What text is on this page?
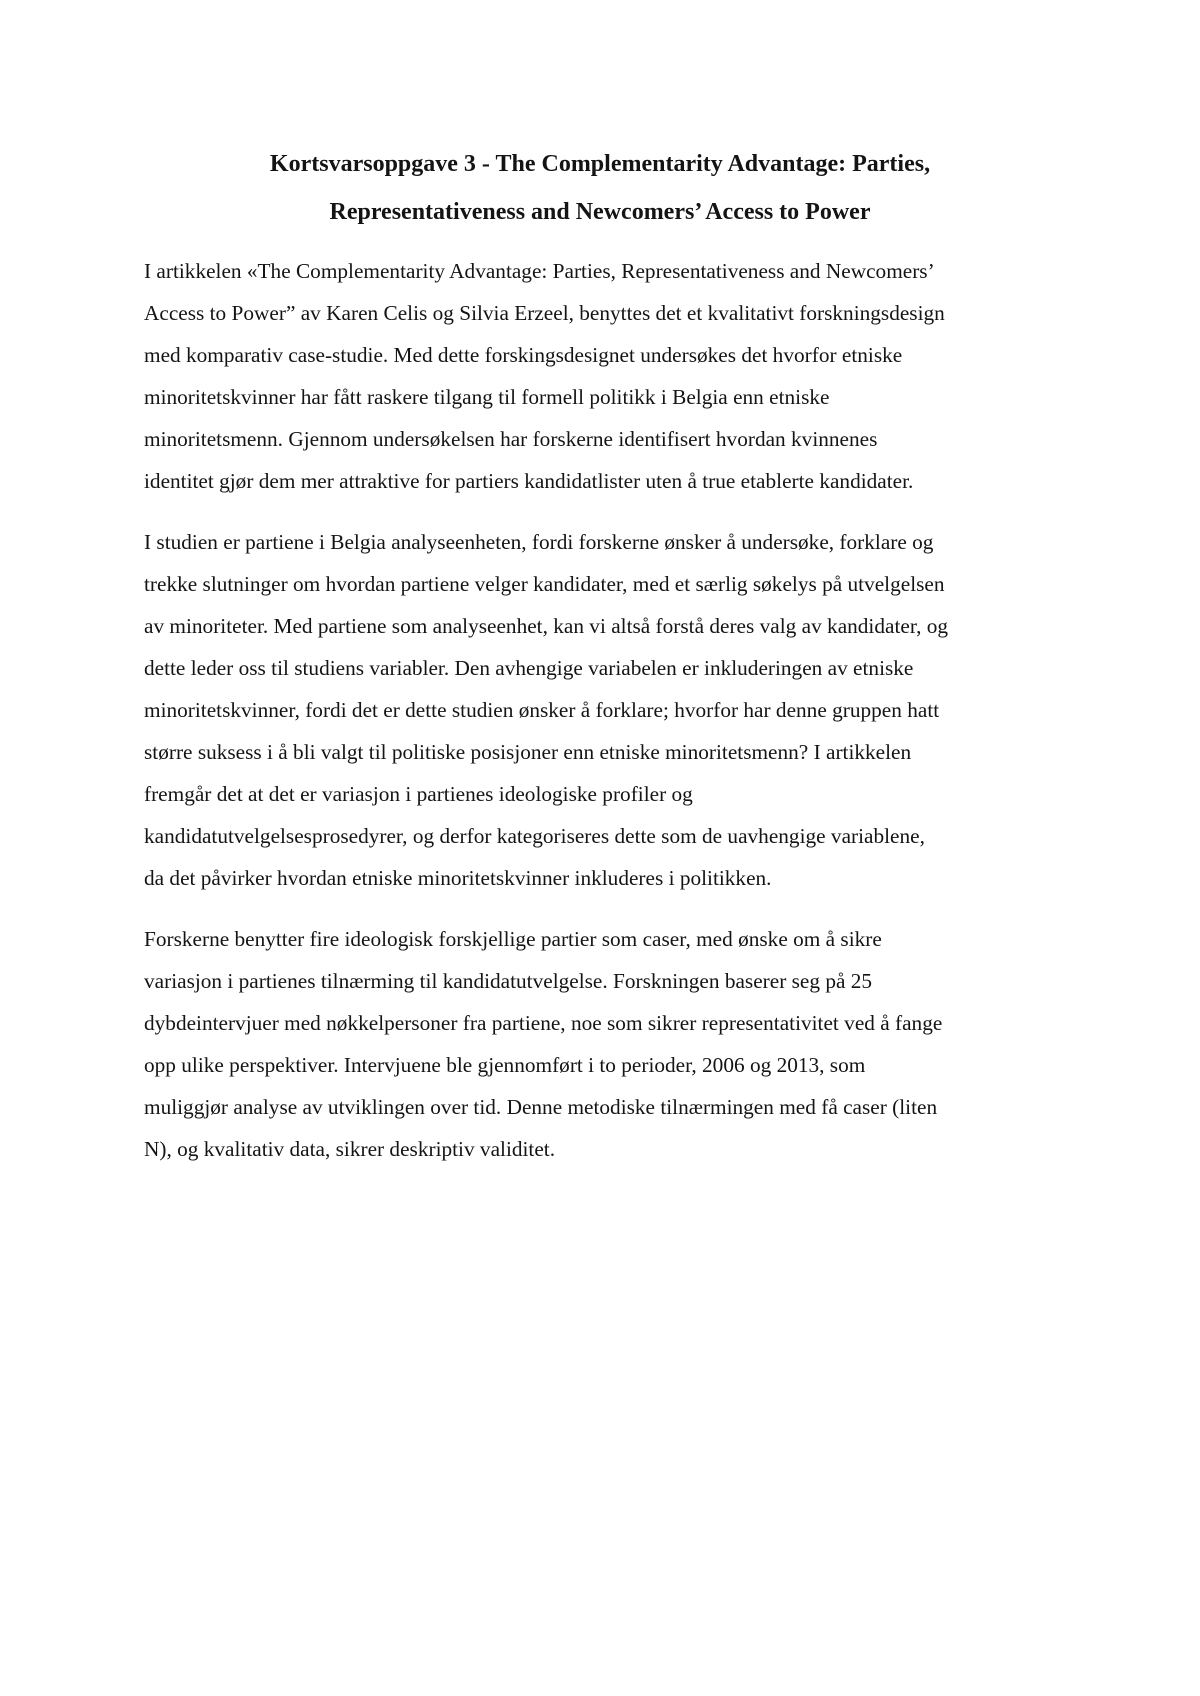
Kortsvarsoppgave 3 - The Complementarity Advantage: Parties,
Representativeness and Newcomers’ Access to Power

I artikkelen «The Complementarity Advantage: Parties, Representativeness and Newcomers’
Access to Power” av Karen Celis og Silvia Erzeel, benyttes det et kvalitativt forskningsdesign
med komparativ case-studie. Med dette forskingsdesignet undersøkes det hvorfor etniske
minoritetskvinner har fått raskere tilgang til formell politikk i Belgia enn etniske
minoritetsmenn. Gjennom undersøkelsen har forskerne identifisert hvordan kvinnenes
identitet gjør dem mer attraktive for partiers kandidatlister uten å true etablerte kandidater.

I studien er partiene i Belgia analyseenheten, fordi forskerne ønsker å undersøke, forklare og
trekke slutninger om hvordan partiene velger kandidater, med et særlig søkelys på utvelgelsen
av minoriteter. Med partiene som analyseenhet, kan vi altså forstå deres valg av kandidater, og
dette leder oss til studiens variabler. Den avhengige variabelen er inkluderingen av etniske
minoritetskvinner, fordi det er dette studien ønsker å forklare; hvorfor har denne gruppen hatt
større suksess i å bli valgt til politiske posisjoner enn etniske minoritetsmenn? I artikkelen
fremgår det at det er variasjon i partienes ideologiske profiler og
kandidatutvelgelsesprosedyrer, og derfor kategoriseres dette som de uavhengige variablene,
da det påvirker hvordan etniske minoritetskvinner inkluderes i politikken.

Forskerne benytter fire ideologisk forskjellige partier som caser, med ønske om å sikre
variasjon i partienes tilnærming til kandidatutvelgelse. Forskningen baserer seg på 25
dybdeintervjuer med nøkkelpersoner fra partiene, noe som sikrer representativitet ved å fange
opp ulike perspektiver. Intervjuene ble gjennomført i to perioder, 2006 og 2013, som
muliggjør analyse av utviklingen over tid. Denne metodiske tilnærmingen med få caser (liten
N), og kvalitativ data, sikrer deskriptiv validitet.
